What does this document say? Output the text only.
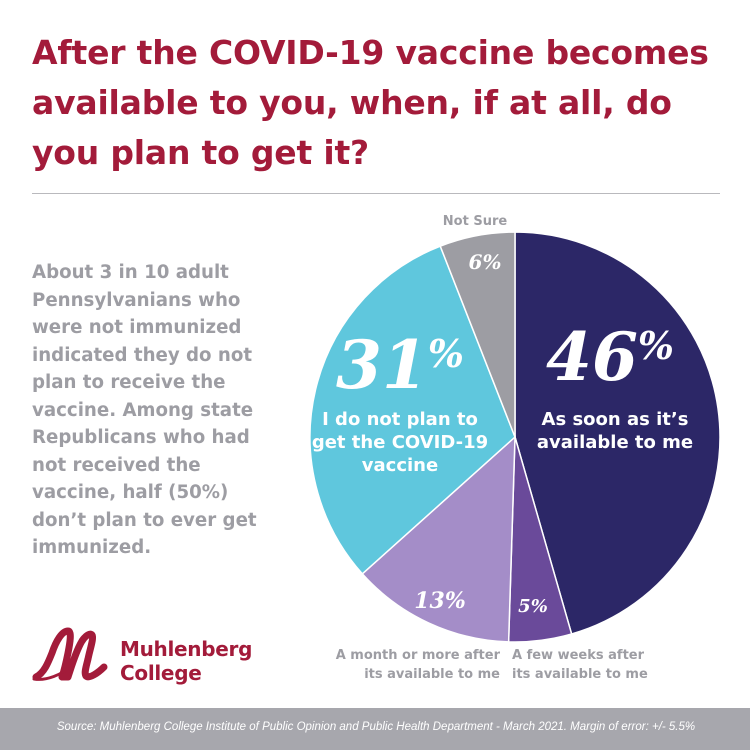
After the COVID-19 vaccine becomes available to you, when, if at all, do you plan to get it?

About 3 in 10 adult Pennsylvanians who were not immunized indicated they do not plan to receive the vaccine. Among state Republicans who had not received the vaccine, half (50%) don’t plan to ever get immunized.

46%
As soon as it’s
available to me
31%
I do not plan to
get the COVID-19
vaccine
6%
Not Sure
13%
A month or more after
its available to me
5%
A few weeks after
its available to me
Muhlenberg
College
Source: Muhlenberg College Institute of Public Opinion and Public Health Department - March 2021. Margin of error: +/- 5.5%
